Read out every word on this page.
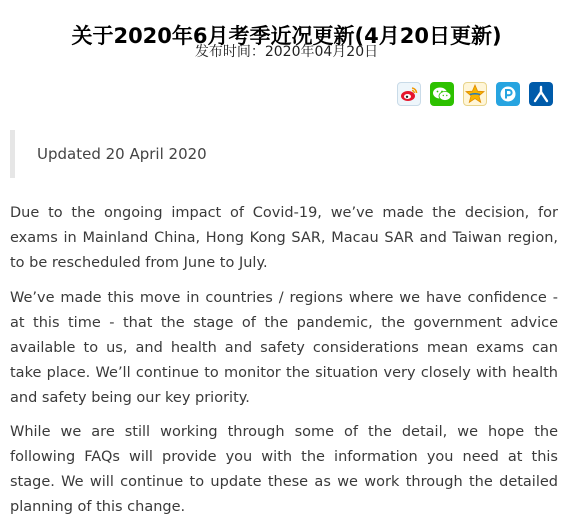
关于2020年6月考季近况更新(4月20日更新)
发布时间：2020年04月20日
Updated 20 April 2020

Due to the ongoing impact of Covid-19, we’ve made the decision, for exams in Mainland China, Hong Kong SAR, Macau SAR and Taiwan region, to be rescheduled from June to July.

We’ve made this move in countries / regions where we have confidence - at this time - that the stage of the pandemic, the government advice available to us, and health and safety considerations mean exams can take place. We’ll continue to monitor the situation very closely with health and safety being our key priority.

While we are still working through some of the detail, we hope the following FAQs will provide you with the information you need at this stage. We will continue to update these as we work through the detailed planning of this change.
